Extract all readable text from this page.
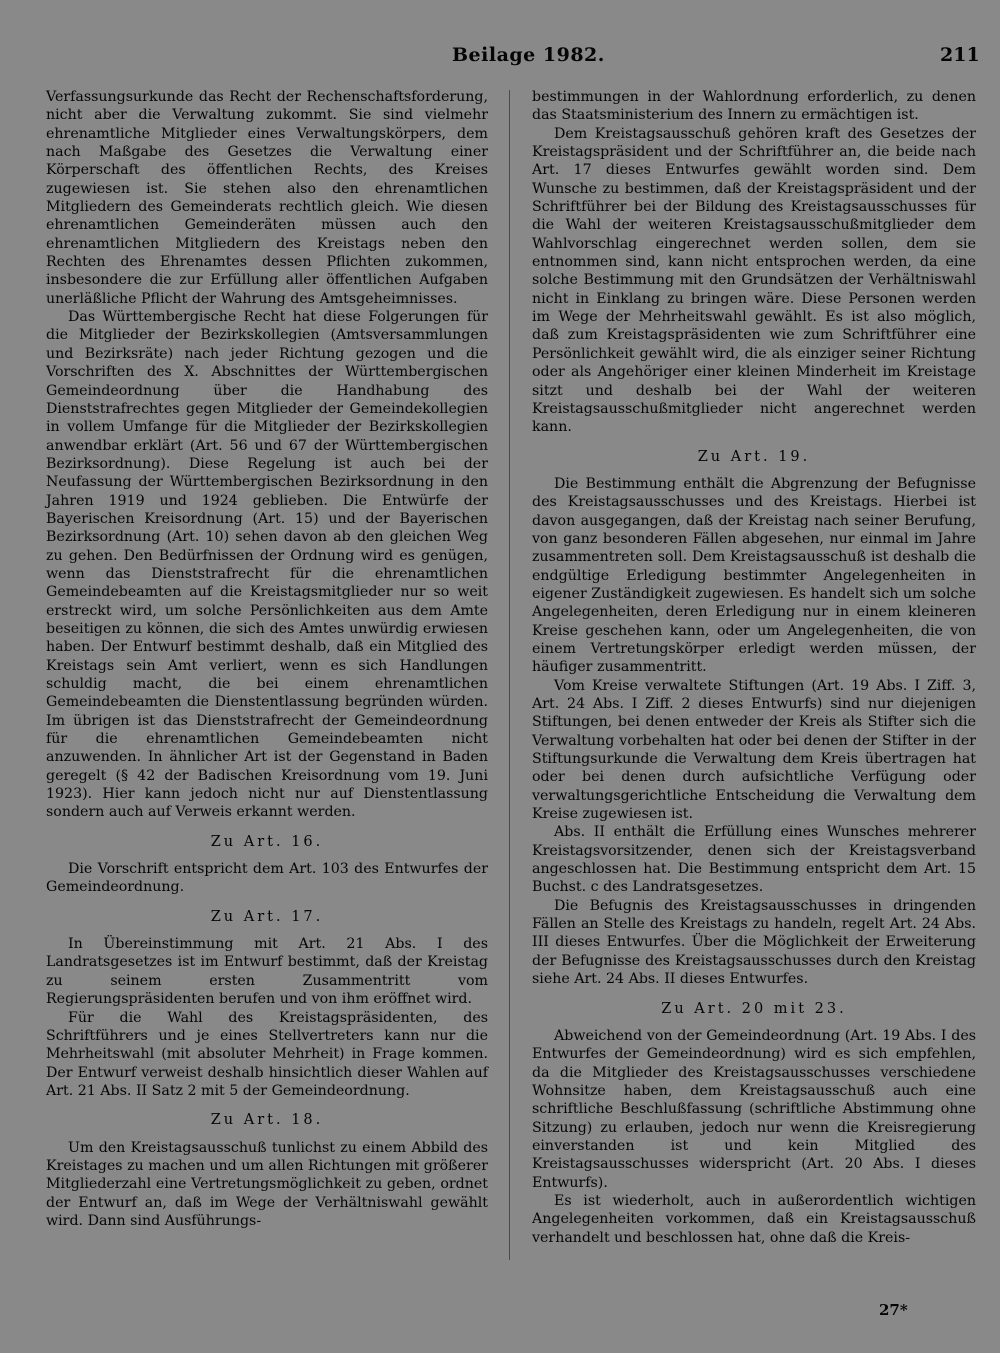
Beilage 1982.	211

Verfassungsurkunde das Recht der Rechenschaftsforderung, nicht aber die Verwaltung zukommt. Sie sind vielmehr ehrenamtliche Mitglieder eines Verwaltungskörpers, dem nach Maßgabe des Gesetzes die Verwaltung einer Körperschaft des öffentlichen Rechts, des Kreises zugewiesen ist. Sie stehen also den ehrenamtlichen Mitgliedern des Gemeinderats rechtlich gleich. Wie diesen ehrenamtlichen Gemeinderäten müssen auch den ehrenamtlichen Mitgliedern des Kreistags neben den Rechten des Ehrenamtes dessen Pflichten zukommen, insbesondere die zur Erfüllung aller öffentlichen Aufgaben unerläßliche Pflicht der Wahrung des Amtsgeheimnisses.

Das Württembergische Recht hat diese Folgerungen für die Mitglieder der Bezirkskollegien (Amtsversammlungen und Bezirksräte) nach jeder Richtung gezogen und die Vorschriften des X. Abschnittes der Württembergischen Gemeindeordnung über die Handhabung des Dienststrafrechtes gegen Mitglieder der Gemeindekollegien in vollem Umfange für die Mitglieder der Bezirkskollegien anwendbar erklärt (Art. 56 und 67 der Württembergischen Bezirksordnung). Diese Regelung ist auch bei der Neufassung der Württembergischen Bezirksordnung in den Jahren 1919 und 1924 geblieben. Die Entwürfe der Bayerischen Kreisordnung (Art. 15) und der Bayerischen Bezirksordnung (Art. 10) sehen davon ab den gleichen Weg zu gehen. Den Bedürfnissen der Ordnung wird es genügen, wenn das Dienststrafrecht für die ehrenamtlichen Gemeindebeamten auf die Kreistagsmitglieder nur so weit erstreckt wird, um solche Persönlichkeiten aus dem Amte beseitigen zu können, die sich des Amtes unwürdig erwiesen haben. Der Entwurf bestimmt deshalb, daß ein Mitglied des Kreistags sein Amt verliert, wenn es sich Handlungen schuldig macht, die bei einem ehrenamtlichen Gemeindebeamten die Dienstentlassung begründen würden. Im übrigen ist das Dienststrafrecht der Gemeindeordnung für die ehrenamtlichen Gemeindebeamten nicht anzuwenden. In ähnlicher Art ist der Gegenstand in Baden geregelt (§ 42 der Badischen Kreisordnung vom 19. Juni 1923). Hier kann jedoch nicht nur auf Dienstentlassung sondern auch auf Verweis erkannt werden.

Zu Art. 16.

Die Vorschrift entspricht dem Art. 103 des Entwurfes der Gemeindeordnung.

Zu Art. 17.

In Übereinstimmung mit Art. 21 Abs. I des Landratsgesetzes ist im Entwurf bestimmt, daß der Kreistag zu seinem ersten Zusammentritt vom Regierungspräsidenten berufen und von ihm eröffnet wird.

Für die Wahl des Kreistagspräsidenten, des Schriftführers und je eines Stellvertreters kann nur die Mehrheitswahl (mit absoluter Mehrheit) in Frage kommen. Der Entwurf verweist deshalb hinsichtlich dieser Wahlen auf Art. 21 Abs. II Satz 2 mit 5 der Gemeindeordnung.

Zu Art. 18.

Um den Kreistagsausschuß tunlichst zu einem Abbild des Kreistages zu machen und um allen Richtungen mit größerer Mitgliederzahl eine Vertretungsmöglichkeit zu geben, ordnet der Entwurf an, daß im Wege der Verhältniswahl gewählt wird. Dann sind Ausführungs-

bestimmungen in der Wahlordnung erforderlich, zu denen das Staatsministerium des Innern zu ermächtigen ist.

Dem Kreistagsausschuß gehören kraft des Gesetzes der Kreistagspräsident und der Schriftführer an, die beide nach Art. 17 dieses Entwurfes gewählt worden sind. Dem Wunsche zu bestimmen, daß der Kreistagspräsident und der Schriftführer bei der Bildung des Kreistagsausschusses für die Wahl der weiteren Kreistagsausschußmitglieder dem Wahlvorschlag eingerechnet werden sollen, dem sie entnommen sind, kann nicht entsprochen werden, da eine solche Bestimmung mit den Grundsätzen der Verhältniswahl nicht in Einklang zu bringen wäre. Diese Personen werden im Wege der Mehrheitswahl gewählt. Es ist also möglich, daß zum Kreistagspräsidenten wie zum Schriftführer eine Persönlichkeit gewählt wird, die als einziger seiner Richtung oder als Angehöriger einer kleinen Minderheit im Kreistage sitzt und deshalb bei der Wahl der weiteren Kreistagsausschußmitglieder nicht angerechnet werden kann.

Zu Art. 19.

Die Bestimmung enthält die Abgrenzung der Befugnisse des Kreistagsausschusses und des Kreistags. Hierbei ist davon ausgegangen, daß der Kreistag nach seiner Berufung, von ganz besonderen Fällen abgesehen, nur einmal im Jahre zusammentreten soll. Dem Kreistagsausschuß ist deshalb die endgültige Erledigung bestimmter Angelegenheiten in eigener Zuständigkeit zugewiesen. Es handelt sich um solche Angelegenheiten, deren Erledigung nur in einem kleineren Kreise geschehen kann, oder um Angelegenheiten, die von einem Vertretungskörper erledigt werden müssen, der häufiger zusammentritt.

Vom Kreise verwaltete Stiftungen (Art. 19 Abs. I Ziff. 3, Art. 24 Abs. I Ziff. 2 dieses Entwurfs) sind nur diejenigen Stiftungen, bei denen entweder der Kreis als Stifter sich die Verwaltung vorbehalten hat oder bei denen der Stifter in der Stiftungsurkunde die Verwaltung dem Kreis übertragen hat oder bei denen durch aufsichtliche Verfügung oder verwaltungsgerichtliche Entscheidung die Verwaltung dem Kreise zugewiesen ist.

Abs. II enthält die Erfüllung eines Wunsches mehrerer Kreistagsvorsitzender, denen sich der Kreistagsverband angeschlossen hat. Die Bestimmung entspricht dem Art. 15 Buchst. c des Landratsgesetzes.

Die Befugnis des Kreistagsausschusses in dringenden Fällen an Stelle des Kreistags zu handeln, regelt Art. 24 Abs. III dieses Entwurfes. Über die Möglichkeit der Erweiterung der Befugnisse des Kreistagsausschusses durch den Kreistag siehe Art. 24 Abs. II dieses Entwurfes.

Zu Art. 20 mit 23.

Abweichend von der Gemeindeordnung (Art. 19 Abs. I des Entwurfes der Gemeindeordnung) wird es sich empfehlen, da die Mitglieder des Kreistagsausschusses verschiedene Wohnsitze haben, dem Kreistagsausschuß auch eine schriftliche Beschlußfassung (schriftliche Abstimmung ohne Sitzung) zu erlauben, jedoch nur wenn die Kreisregierung einverstanden ist und kein Mitglied des Kreistagsausschusses widerspricht (Art. 20 Abs. I dieses Entwurfs).

Es ist wiederholt, auch in außerordentlich wichtigen Angelegenheiten vorkommen, daß ein Kreistagsausschuß verhandelt und beschlossen hat, ohne daß die Kreis-

27*
